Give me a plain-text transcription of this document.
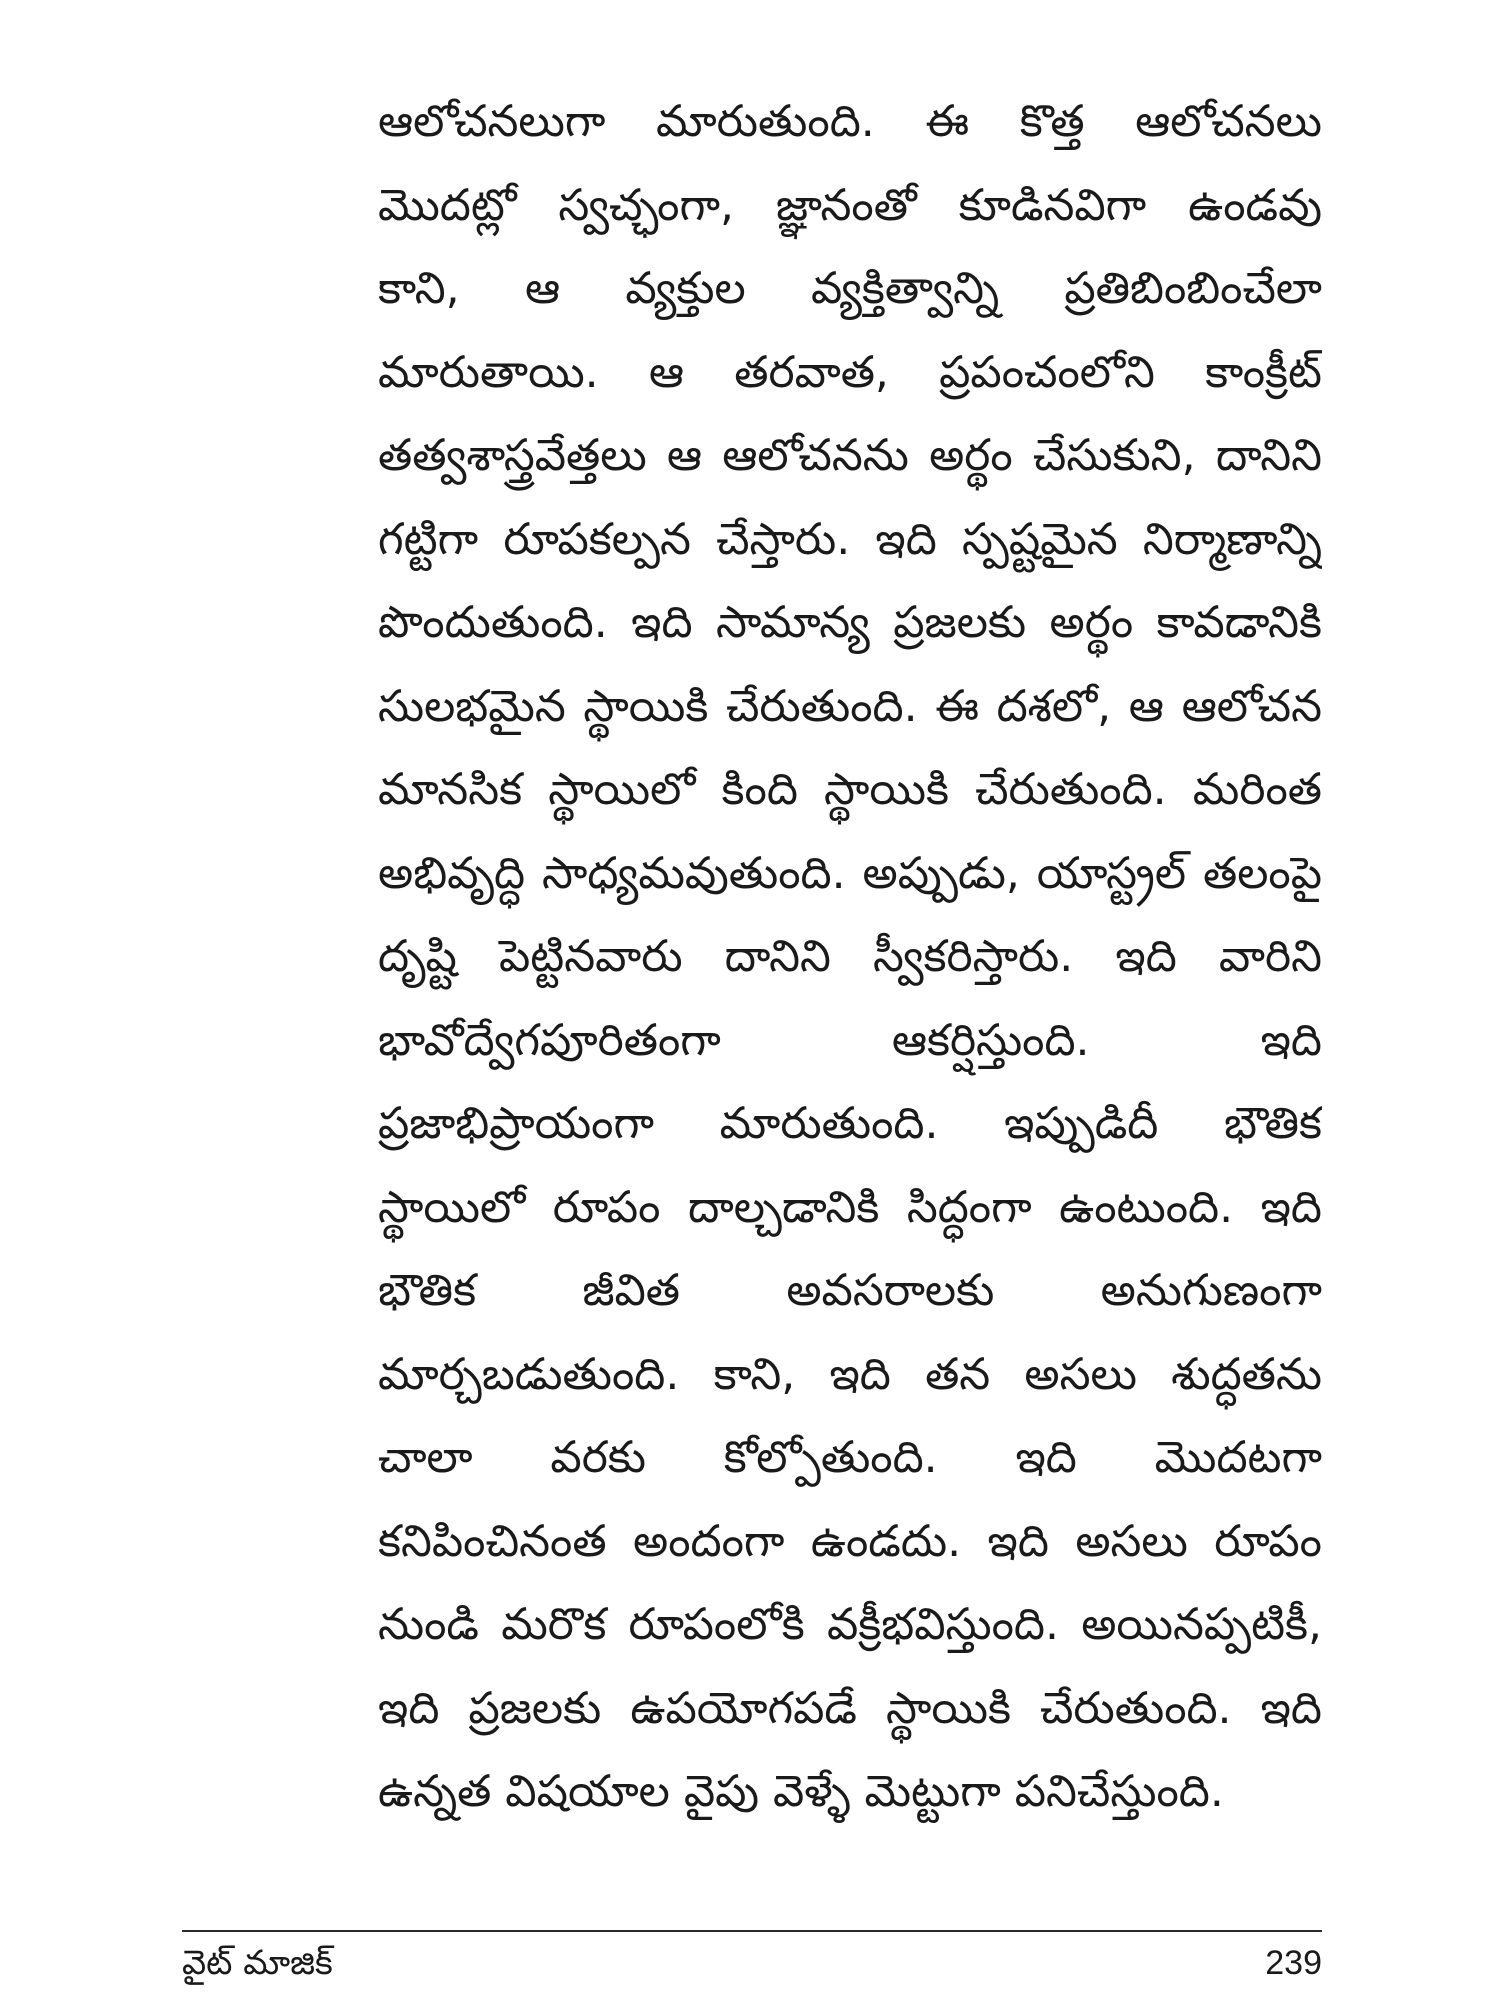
ఆలోచనలుగా మారుతుంది. ఈ కొత్త ఆలోచనలు
మొదట్లో స్వచ్ఛంగా, జ్ఞానంతో కూడినవిగా ఉండవు
కాని, ఆ వ్యక్తుల వ్యక్తిత్వాన్ని ప్రతిబింబించేలా
మారుతాయి. ఆ తరవాత, ప్రపంచంలోని కాంక్రీట్
తత్వశాస్త్రవేత్తలు ఆ ఆలోచనను అర్థం చేసుకుని, దానిని
గట్టిగా రూపకల్పన చేస్తారు. ఇది స్పష్టమైన నిర్మాణాన్ని
పొందుతుంది. ఇది సామాన్య ప్రజలకు అర్థం కావడానికి
సులభమైన స్థాయికి చేరుతుంది. ఈ దశలో, ఆ ఆలోచన
మానసిక స్థాయిలో కింది స్థాయికి చేరుతుంది. మరింత
అభివృద్ధి సాధ్యమవుతుంది. అప్పుడు, యాస్ట్రల్ తలంపై
దృష్టి పెట్టినవారు దానిని స్వీకరిస్తారు. ఇది వారిని
భావోద్వేగపూరితంగా ఆకర్షిస్తుంది. ఇది
ప్రజాభిప్రాయంగా మారుతుంది. ఇప్పుడిదీ భౌతిక
స్థాయిలో రూపం దాల్చడానికి సిద్ధంగా ఉంటుంది. ఇది
భౌతిక జీవిత అవసరాలకు అనుగుణంగా
మార్చబడుతుంది. కాని, ఇది తన అసలు శుద్ధతను
చాలా వరకు కోల్పోతుంది. ఇది మొదటగా
కనిపించినంత అందంగా ఉండదు. ఇది అసలు రూపం
నుండి మరొక రూపంలోకి వక్రీభవిస్తుంది. అయినప్పటికీ,
ఇది ప్రజలకు ఉపయోగపడే స్థాయికి చేరుతుంది. ఇది
ఉన్నత విషయాల వైపు వెళ్ళే మెట్టుగా పనిచేస్తుంది.
వైట్ మాజిక్	239
